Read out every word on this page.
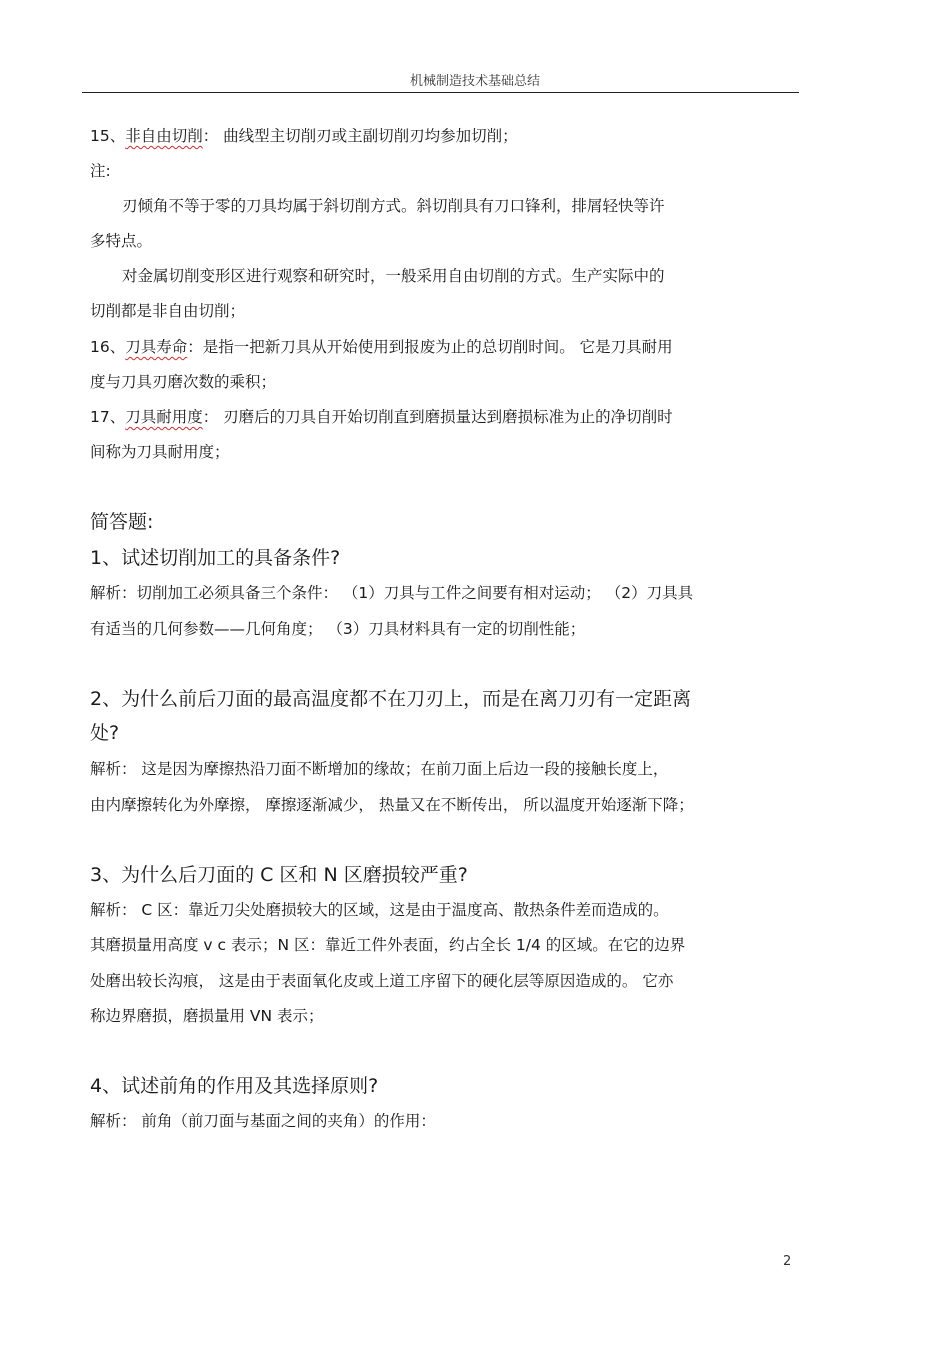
机械制造技术基础总结
15、非自由切削： 曲线型主切削刃或主副切削刃均参加切削；
注:
刃倾角不等于零的刀具均属于斜切削方式。斜切削具有刀口锋利，排屑轻快等许
多特点。
对金属切削变形区进行观察和研究时，一般采用自由切削的方式。生产实际中的
切削都是非自由切削；
16、刀具寿命：是指一把新刀具从开始使用到报废为止的总切削时间。 它是刀具耐用
度与刀具刃磨次数的乘积；
17、刀具耐用度： 刃磨后的刀具自开始切削直到磨损量达到磨损标准为止的净切削时
间称为刀具耐用度；
简答题:
1、试述切削加工的具备条件?
解析：切削加工必须具备三个条件： （1）刀具与工件之间要有相对运动； （2）刀具具
有适当的几何参数——几何角度； （3）刀具材料具有一定的切削性能；
2、为什么前后刀面的最高温度都不在刀刃上，而是在离刀刃有一定距离
处?
解析： 这是因为摩擦热沿刀面不断增加的缘故；在前刀面上后边一段的接触长度上，
由内摩擦转化为外摩擦， 摩擦逐渐减少， 热量又在不断传出， 所以温度开始逐渐下降；
3、为什么后刀面的 C 区和 N 区磨损较严重?
解析： C 区：靠近刀尖处磨损较大的区域，这是由于温度高、散热条件差而造成的。
其磨损量用高度 v c 表示；N 区：靠近工件外表面，约占全长 1/4 的区域。在它的边界
处磨出较长沟痕， 这是由于表面氧化皮或上道工序留下的硬化层等原因造成的。 它亦
称边界磨损，磨损量用 VN 表示；
4、试述前角的作用及其选择原则?
解析： 前角（前刀面与基面之间的夹角）的作用：
2
